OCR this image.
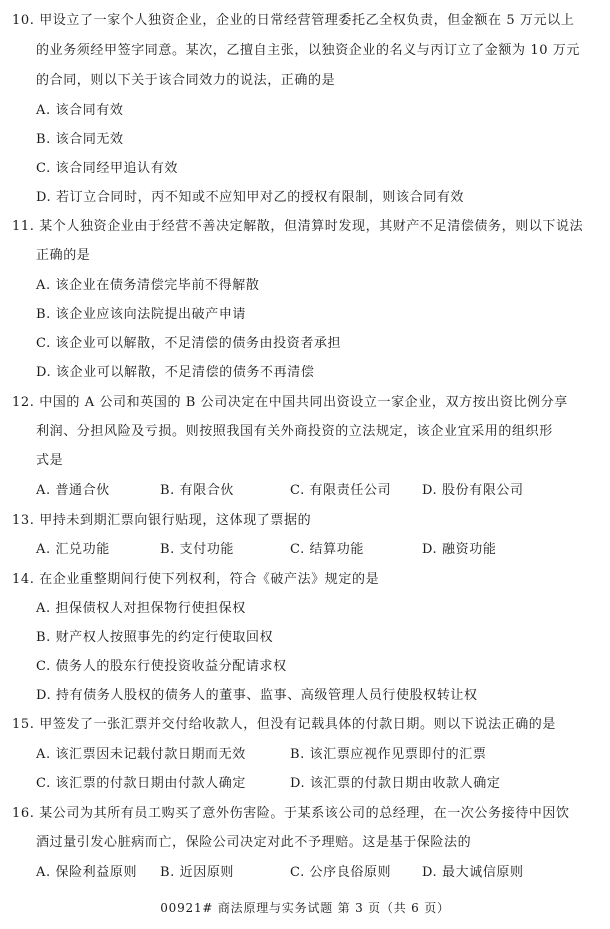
10. 甲设立了一家个人独资企业，企业的日常经营管理委托乙全权负责，但金额在 5 万元以上
的业务须经甲签字同意。某次，乙擅自主张，以独资企业的名义与丙订立了金额为 10 万元
的合同，则以下关于该合同效力的说法，正确的是
A. 该合同有效
B. 该合同无效
C. 该合同经甲追认有效
D. 若订立合同时，丙不知或不应知甲对乙的授权有限制，则该合同有效
11. 某个人独资企业由于经营不善决定解散，但清算时发现，其财产不足清偿债务，则以下说法
正确的是
A. 该企业在债务清偿完毕前不得解散
B. 该企业应该向法院提出破产申请
C. 该企业可以解散，不足清偿的债务由投资者承担
D. 该企业可以解散，不足清偿的债务不再清偿
12. 中国的 A 公司和英国的 B 公司决定在中国共同出资设立一家企业，双方按出资比例分享
利润、分担风险及亏损。则按照我国有关外商投资的立法规定，该企业宜采用的组织形
式是
A. 普通合伙	B. 有限合伙	C. 有限责任公司 D. 股份有限公司
13. 甲持未到期汇票向银行贴现，这体现了票据的
A. 汇兑功能	B. 支付功能	C. 结算功能	D. 融资功能
14. 在企业重整期间行使下列权利，符合《破产法》规定的是
A. 担保债权人对担保物行使担保权
B. 财产权人按照事先的约定行使取回权
C. 债务人的股东行使投资收益分配请求权
D. 持有债务人股权的债务人的董事、监事、高级管理人员行使股权转让权
15. 甲签发了一张汇票并交付给收款人，但没有记载具体的付款日期。则以下说法正确的是
A. 该汇票因未记载付款日期而无效	B. 该汇票应视作见票即付的汇票
C. 该汇票的付款日期由付款人确定	D. 该汇票的付款日期由收款人确定
16. 某公司为其所有员工购买了意外伤害险。于某系该公司的总经理，在一次公务接待中因饮
酒过量引发心脏病而亡，保险公司决定对此不予理赔。这是基于保险法的
A. 保险利益原则 B. 近因原则	C. 公序良俗原则 D. 最大诚信原则
00921# 商法原理与实务试题 第 3 页（共 6 页）
